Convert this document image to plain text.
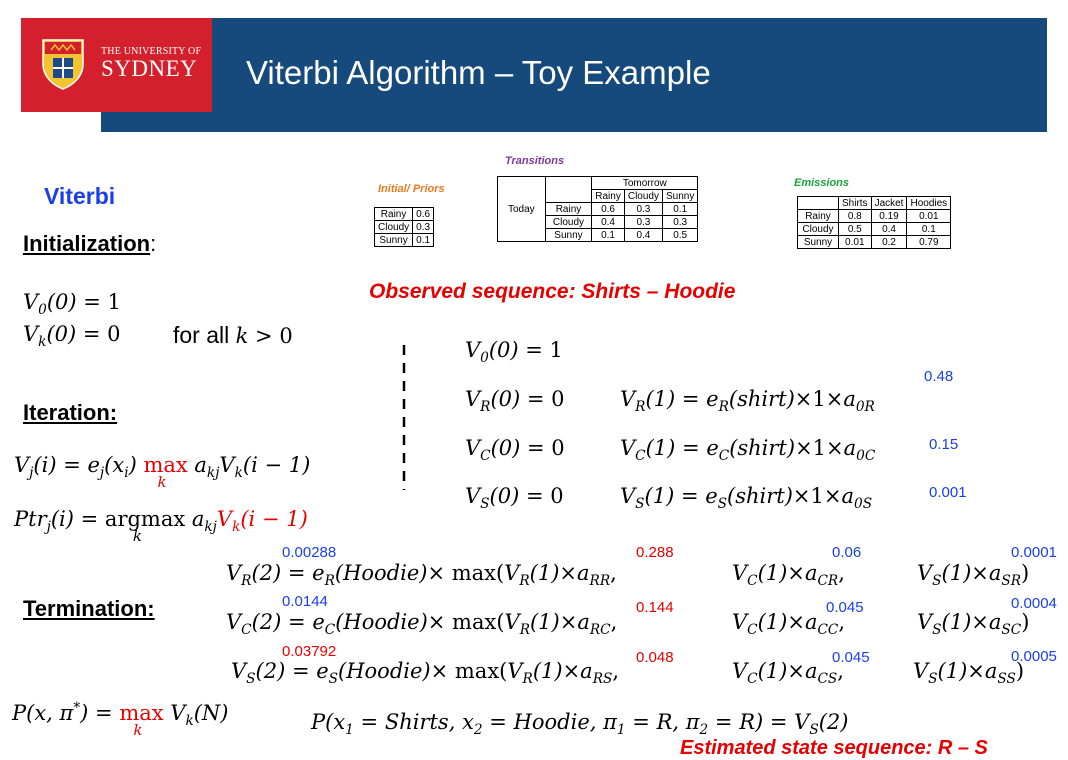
THE UNIVERSITY OF
SYDNEY Viterbi Algorithm – Toy Example
Viterbi
Initialization:
$V_0(0) = 1$
$V_k(0) = 0$ for all k > 0
Iteration:
$V_j(i) = e_j(x_i)$ max
k
$a_{kj}V_k(i - 1)$
Ptr$_j$(i) = argmax
k
$a_{kj}V_k(i - 1)$
Termination:
P(x, π*) = max
k
$V_k(N)$
Initial/ Priors
Rainy	0.6
Cloudy	0.3
Sunny	0.1
Transitions
		Tomorrow		
		Rainy	Cloudy	Sunny
Today	Rainy	0.6	0.3	0.1
	Cloudy	0.4	0.3	0.3
	Sunny	0.1	0.4	0.5
Emissions
	Shirts	Jacket	Hoodies
Rainy	0.8	0.19	0.01
Cloudy	0.5	0.4	0.1
Sunny	0.01	0.2	0.79
Observed sequence: Shirts – Hoodie
$V_0(0) = 1$
$V_R(0) = 0$
$V_C(0) = 0$
$V_S(0) = 0$
$V_R(1)$ = $e_R(shirt)\times 1\times a_{0R}$
$V_C(1)$ = $e_C(shirt)\times 1\times a_{0C}$
$V_S(1)$ = $e_S(shirt)\times 1\times a_{0S}$
0.48
0.15
0.001
0.00288
0.0144
0.03792
$V_R(2)$ = $e_R(Hoodie)\times \max(V_R(1)\times a_{RR}$,
$V_C(2)$ = $e_C(Hoodie)\times \max(V_R(1)\times a_{RC}$,
$V_S(2)$ = $e_S(Hoodie)\times \max(V_R(1)\times a_{RS}$,
0.288
0.144
0.048
$V_C(1)\times a_{CR}$,
$V_C(1)\times a_{CC}$,
$V_C(1)\times a_{CS}$,
0.06
0.045
0.045
$V_S(1)\times a_{SR}$)
$V_S(1)\times a_{SC}$)
$V_S(1)\times a_{SS}$)
0.0001
0.0004
0.0005
$P(x_1$ = Shirts, $x_2$ = Hoodie, $\pi_1 = R$, $\pi_2 = R) = V_S(2)$
Estimated state sequence: R – S
